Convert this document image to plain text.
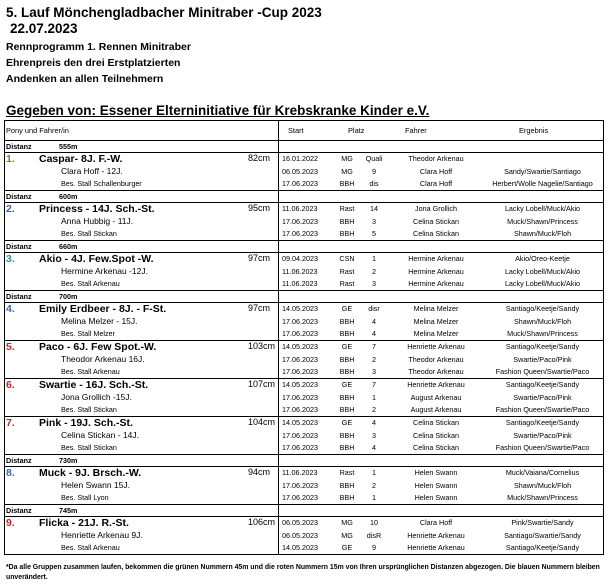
5. Lauf Mönchengladbacher Minitraber -Cup 2023
22.07.2023
Rennprogramm 1. Rennen Minitraber
Ehrenpreis den drei Erstplatzierten
Andenken an allen Teilnehmern
Gegeben von: Essener Elterninitiative für Krebskranke Kinder e.V.
Pony und Fahrer/in	Start	Platz	Fahrer	Ergebnis
Distanz	555m
1. Caspar- 8J. F.-W.	82cm
Clara Hoff - 12J.
Bes. Stall Schallenburger
16.01.2022	MG	Quali	Theodor Arkenau
06.05.2023	MG	9	Clara Hoff	Sandy/Swartie/Santiago
17.06.2023	BBH	dis	Clara Hoff	Herbert/Wolle Nagelie/Santiago
Distanz	600m
2. Princess - 14J. Sch.-St.	95cm
Anna Hubbig - 11J.
Bes. Stall Stickan
11.06.2023	Rast	14	Jona Grollich	Lacky Lobell/Muck/Akio
17.06.2023	BBH	3	Celina Stickan	Muck/Shawn/Princess
17.06.2023	BBH	5	Celina Stickan	Shawn/Muck/Floh
Distanz	660m
3. Akio - 4J. Few.Spot -W.	97cm
Hermine Arkenau -12J.
Bes. Stall Arkenau
09.04.2023	CSN	1	Hermine Arkenau	Akio/Oreo-Keetje
11.06.2023	Rast	2	Hermine Arkenau	Lacky Lobell/Muck/Akio
11.06.2023	Rast	3	Hermine Arkenau	Lacky Lobell/Muck/Akio
Distanz	700m
4. Emily Erdbeer - 8J. - F-St.	97cm
Melina Melzer - 15J.
Bes. Stall Melzer
14.05.2023	GE	disr	Melina Melzer	Santiago/Keetje/Sandy
17.06.2023	BBH	4	Melina Melzer	Shawn/Muck/Floh
17.06.2023	BBH	4	Melina Melzer	Muck/Shawn/Princess
5. Paco - 6J. Few Spot.-W.	103cm
Theodor Arkenau 16J.
Bes. Stall Arkenau
14.05.2023	GE	7	Henriette Arkenau	Santiago/Keetje/Sandy
17.06.2023	BBH	2	Theodor Arkenau	Swartie/Paco/Pink
17.06.2023	BBH	3	Theodor Arkenau	Fashion Queen/Swartie/Paco
6. Swartie - 16J. Sch.-St.	107cm
Jona Grollich -15J.
Bes. Stall Stickan
14.05.2023	GE	7	Henriette Arkenau	Santiago/Keetje/Sandy
17.06.2023	BBH	1	August Arkenau	Swartie/Paco/Pink
17.06.2023	BBH	2	August Arkenau	Fashion Queen/Swartie/Paco
7. Pink - 19J. Sch.-St.	104cm
Celina Stickan - 14J.
Bes. Stall Stickan
14.05.2023	GE	4	Celina Stickan	Santiago/Keetje/Sandy
17.06.2023	BBH	3	Celina Stickan	Swartie/Paco/Pink
17.06.2023	BBH	4	Celina Stickan	Fashion Queen/Swartie/Paco
Distanz	730m
8. Muck - 9J. Brsch.-W.	94cm
Helen Swann 15J.
Bes. Stall Lyon
11.06.2023	Rast	1	Helen Swann	Muck/Vaiana/Cornelius
17.06.2023	BBH	2	Helen Swann	Shawn/Muck/Floh
17.06.2023	BBH	1	Helen Swann	Muck/Shawn/Princess
Distanz	745m
9. Flicka - 21J. R.-St.	106cm
Henriette Arkenau 9J.
Bes. Stall Arkenau
06.05.2023	MG	10	Clara Hoff	Pink/Swartie/Sandy
06.05.2023	MG	disR	Henriette Arkenau	Santiago/Swartie/Sandy
14.05.2023	GE	9	Henriette Arkenau	Santiago/Keetje/Sandy
*Da alle Gruppen zusammen laufen, bekommen die grünen Nummern 45m und die roten Nummern 15m von Ihren ursprünglichen Distanzen abgezogen. Die blauen Nummern bleiben unverändert.
